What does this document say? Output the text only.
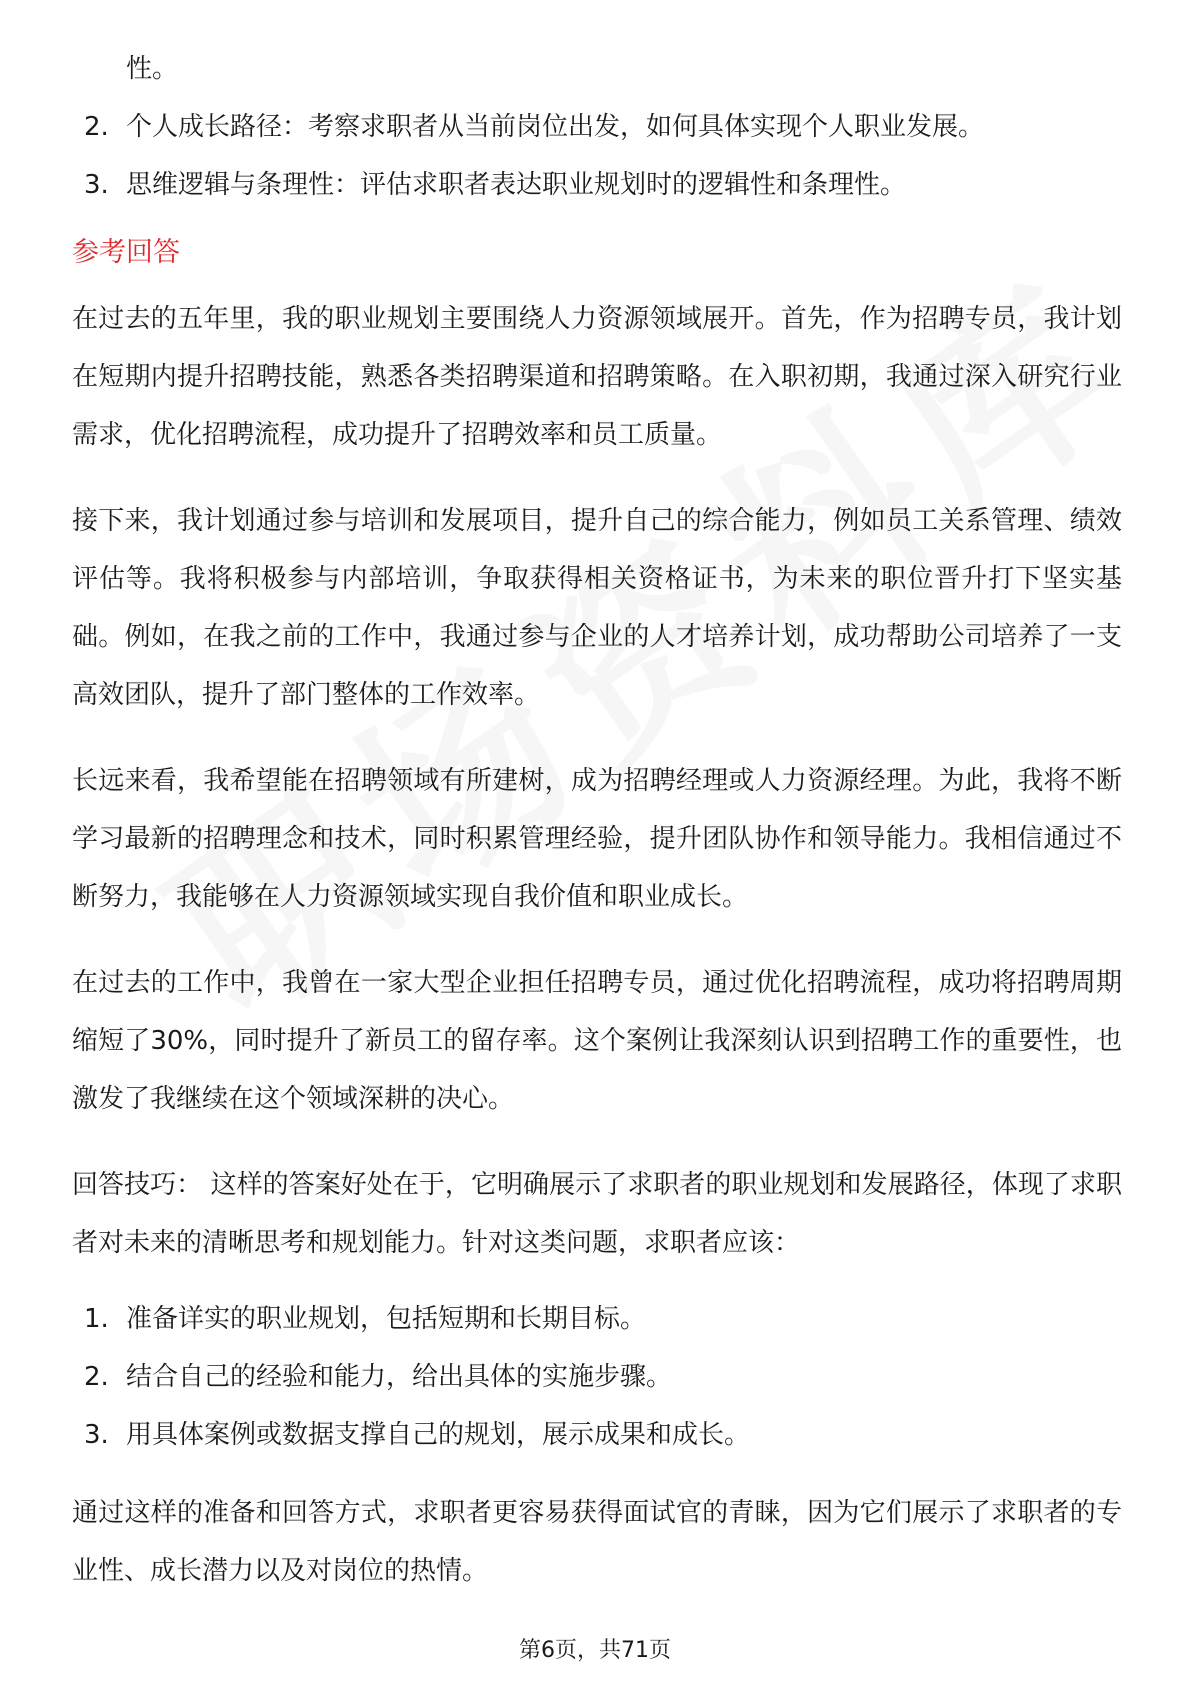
性。

2. 个人成长路径：考察求职者从当前岗位出发，如何具体实现个人职业发展。
3. 思维逻辑与条理性：评估求职者表达职业规划时的逻辑性和条理性。
参考回答

在过去的五年里，我的职业规划主要围绕人力资源领域展开。首先，作为招聘专员，我计划在短期内提升招聘技能，熟悉各类招聘渠道和招聘策略。在入职初期，我通过深入研究行业需求，优化招聘流程，成功提升了招聘效率和员工质量。

接下来，我计划通过参与培训和发展项目，提升自己的综合能力，例如员工关系管理、绩效评估等。我将积极参与内部培训，争取获得相关资格证书，为未来的职位晋升打下坚实基础。例如，在我之前的工作中，我通过参与企业的人才培养计划，成功帮助公司培养了一支高效团队，提升了部门整体的工作效率。

长远来看，我希望能在招聘领域有所建树，成为招聘经理或人力资源经理。为此，我将不断学习最新的招聘理念和技术，同时积累管理经验，提升团队协作和领导能力。我相信通过不断努力，我能够在人力资源领域实现自我价值和职业成长。

在过去的工作中，我曾在一家大型企业担任招聘专员，通过优化招聘流程，成功将招聘周期缩短了30%，同时提升了新员工的留存率。这个案例让我深刻认识到招聘工作的重要性，也激发了我继续在这个领域深耕的决心。

回答技巧： 这样的答案好处在于，它明确展示了求职者的职业规划和发展路径，体现了求职者对未来的清晰思考和规划能力。针对这类问题，求职者应该：

1. 准备详实的职业规划，包括短期和长期目标。
2. 结合自己的经验和能力，给出具体的实施步骤。
3. 用具体案例或数据支撑自己的规划，展示成果和成长。

通过这样的准备和回答方式，求职者更容易获得面试官的青睐，因为它们展示了求职者的专业性、成长潜力以及对岗位的热情。

第6页，共71页
